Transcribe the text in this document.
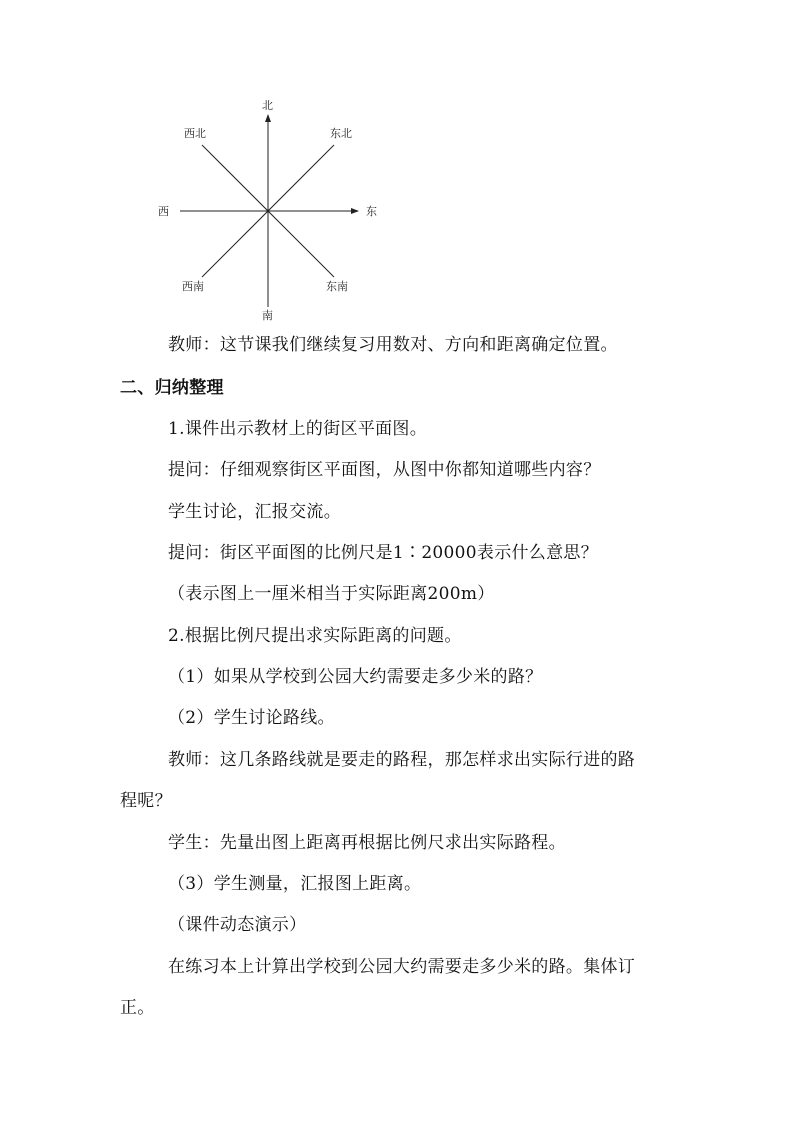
北
南
西	东
西北	东北
西南	东南
教师：这节课我们继续复习用数对、方向和距离确定位置。
二、归纳整理
1.课件出示教材上的街区平面图。
提问：仔细观察街区平面图，从图中你都知道哪些内容？
学生讨论，汇报交流。
提问：街区平面图的比例尺是1∶20000表示什么意思？
（表示图上一厘米相当于实际距离200m）
2.根据比例尺提出求实际距离的问题。
（1）如果从学校到公园大约需要走多少米的路？
（2）学生讨论路线。
教师：这几条路线就是要走的路程，那怎样求出实际行进的路
程呢？
学生：先量出图上距离再根据比例尺求出实际路程。
（3）学生测量，汇报图上距离。
（课件动态演示）
在练习本上计算出学校到公园大约需要走多少米的路。集体订
正。
